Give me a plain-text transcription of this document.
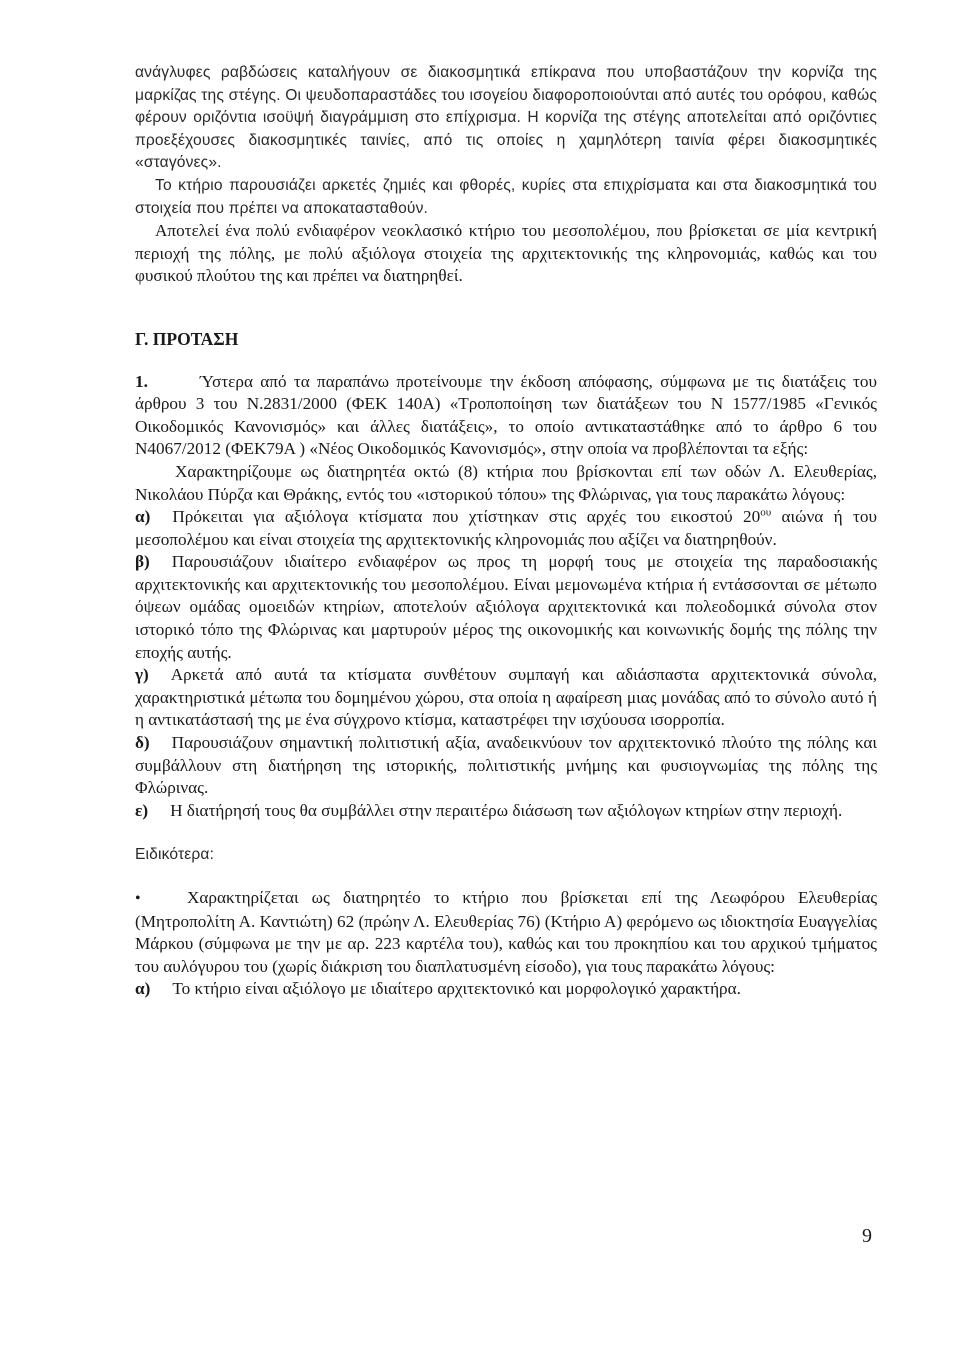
ανάγλυφες ραβδώσεις καταλήγουν σε διακοσμητικά επίκρανα που υποβαστάζουν την κορνίζα της μαρκίζας της στέγης. Οι ψευδοπαραστάδες του ισογείου διαφοροποιούνται από αυτές του ορόφου, καθώς φέρουν οριζόντια ισοϋψή διαγράμμιση στο επίχρισμα. Η κορνίζα της στέγης αποτελείται από οριζόντιες προεξέχουσες διακοσμητικές ταινίες, από τις οποίες η χαμηλότερη ταινία φέρει διακοσμητικές «σταγόνες».

Το κτήριο παρουσιάζει αρκετές ζημιές και φθορές, κυρίες στα επιχρίσματα και στα διακοσμητικά του στοιχεία που πρέπει να αποκατασταθούν.

Αποτελεί ένα πολύ ενδιαφέρον νεοκλασικό κτήριο του μεσοπολέμου, που βρίσκεται σε μία κεντρική περιοχή της πόλης, με πολύ αξιόλογα στοιχεία της αρχιτεκτονικής της κληρονομιάς, καθώς και του φυσικού πλούτου της και πρέπει να διατηρηθεί.

Γ. ΠΡΟΤΑΣΗ

1.	Ύστερα από τα παραπάνω προτείνουμε την έκδοση απόφασης, σύμφωνα με τις διατάξεις του άρθρου 3 του Ν.2831/2000 (ΦΕΚ 140Α) «Τροποποίηση των διατάξεων του Ν 1577/1985 «Γενικός Οικοδομικός Κανονισμός» και άλλες διατάξεις», το οποίο αντικαταστάθηκε από το άρθρο 6 του Ν4067/2012 (ΦΕΚ79Α ) «Νέος Οικοδομικός Κανονισμός», στην οποία να προβλέπονται τα εξής:

Χαρακτηρίζουμε ως διατηρητέα οκτώ (8) κτήρια που βρίσκονται επί των οδών Λ. Ελευθερίας, Νικολάου Πύρζα και Θράκης, εντός του «ιστορικού τόπου» της Φλώρινας, για τους παρακάτω λόγους:

α) Πρόκειται για αξιόλογα κτίσματα που χτίστηκαν στις αρχές του εικοστού $20^{o\upsilon}$ αιώνα ή του μεσοπολέμου και είναι στοιχεία της αρχιτεκτονικής κληρονομιάς που αξίζει να διατηρηθούν.

β) Παρουσιάζουν ιδιαίτερο ενδιαφέρον ως προς τη μορφή τους με στοιχεία της παραδοσιακής αρχιτεκτονικής και αρχιτεκτονικής του μεσοπολέμου. Είναι μεμονωμένα κτήρια ή εντάσσονται σε μέτωπο όψεων ομάδας ομοειδών κτηρίων, αποτελούν αξιόλογα αρχιτεκτονικά και πολεοδομικά σύνολα στον ιστορικό τόπο της Φλώρινας και μαρτυρούν μέρος της οικονομικής και κοινωνικής δομής της πόλης την εποχής αυτής.

γ) Αρκετά από αυτά τα κτίσματα συνθέτουν συμπαγή και αδιάσπαστα αρχιτεκτονικά σύνολα, χαρακτηριστικά μέτωπα του δομημένου χώρου, στα οποία η αφαίρεση μιας μονάδας από το σύνολο αυτό ή η αντικατάστασή της με ένα σύγχρονο κτίσμα, καταστρέφει την ισχύουσα ισορροπία.

δ) Παρουσιάζουν σημαντική πολιτιστική αξία, αναδεικνύουν τον αρχιτεκτονικό πλούτο της πόλης και συμβάλλουν στη διατήρηση της ιστορικής, πολιτιστικής μνήμης και φυσιογνωμίας της πόλης της Φλώρινας.

ε) Η διατήρησή τους θα συμβάλλει στην περαιτέρω διάσωση των αξιόλογων κτηρίων στην περιοχή.

Ειδικότερα:

•	Χαρακτηρίζεται ως διατηρητέο το κτήριο που βρίσκεται επί της Λεωφόρου Ελευθερίας (Μητροπολίτη Α. Καντιώτη) 62 (πρώην Λ. Ελευθερίας 76) (Κτήριο Α) φερόμενο ως ιδιοκτησία Ευαγγελίας Μάρκου (σύμφωνα με την με αρ. 223 καρτέλα του), καθώς και του προκηπίου και του αρχικού τμήματος του αυλόγυρου του (χωρίς διάκριση του διαπλατυσμένη είσοδο), για τους παρακάτω λόγους:

α) Το κτήριο είναι αξιόλογο με ιδιαίτερο αρχιτεκτονικό και μορφολογικό χαρακτήρα.

9
